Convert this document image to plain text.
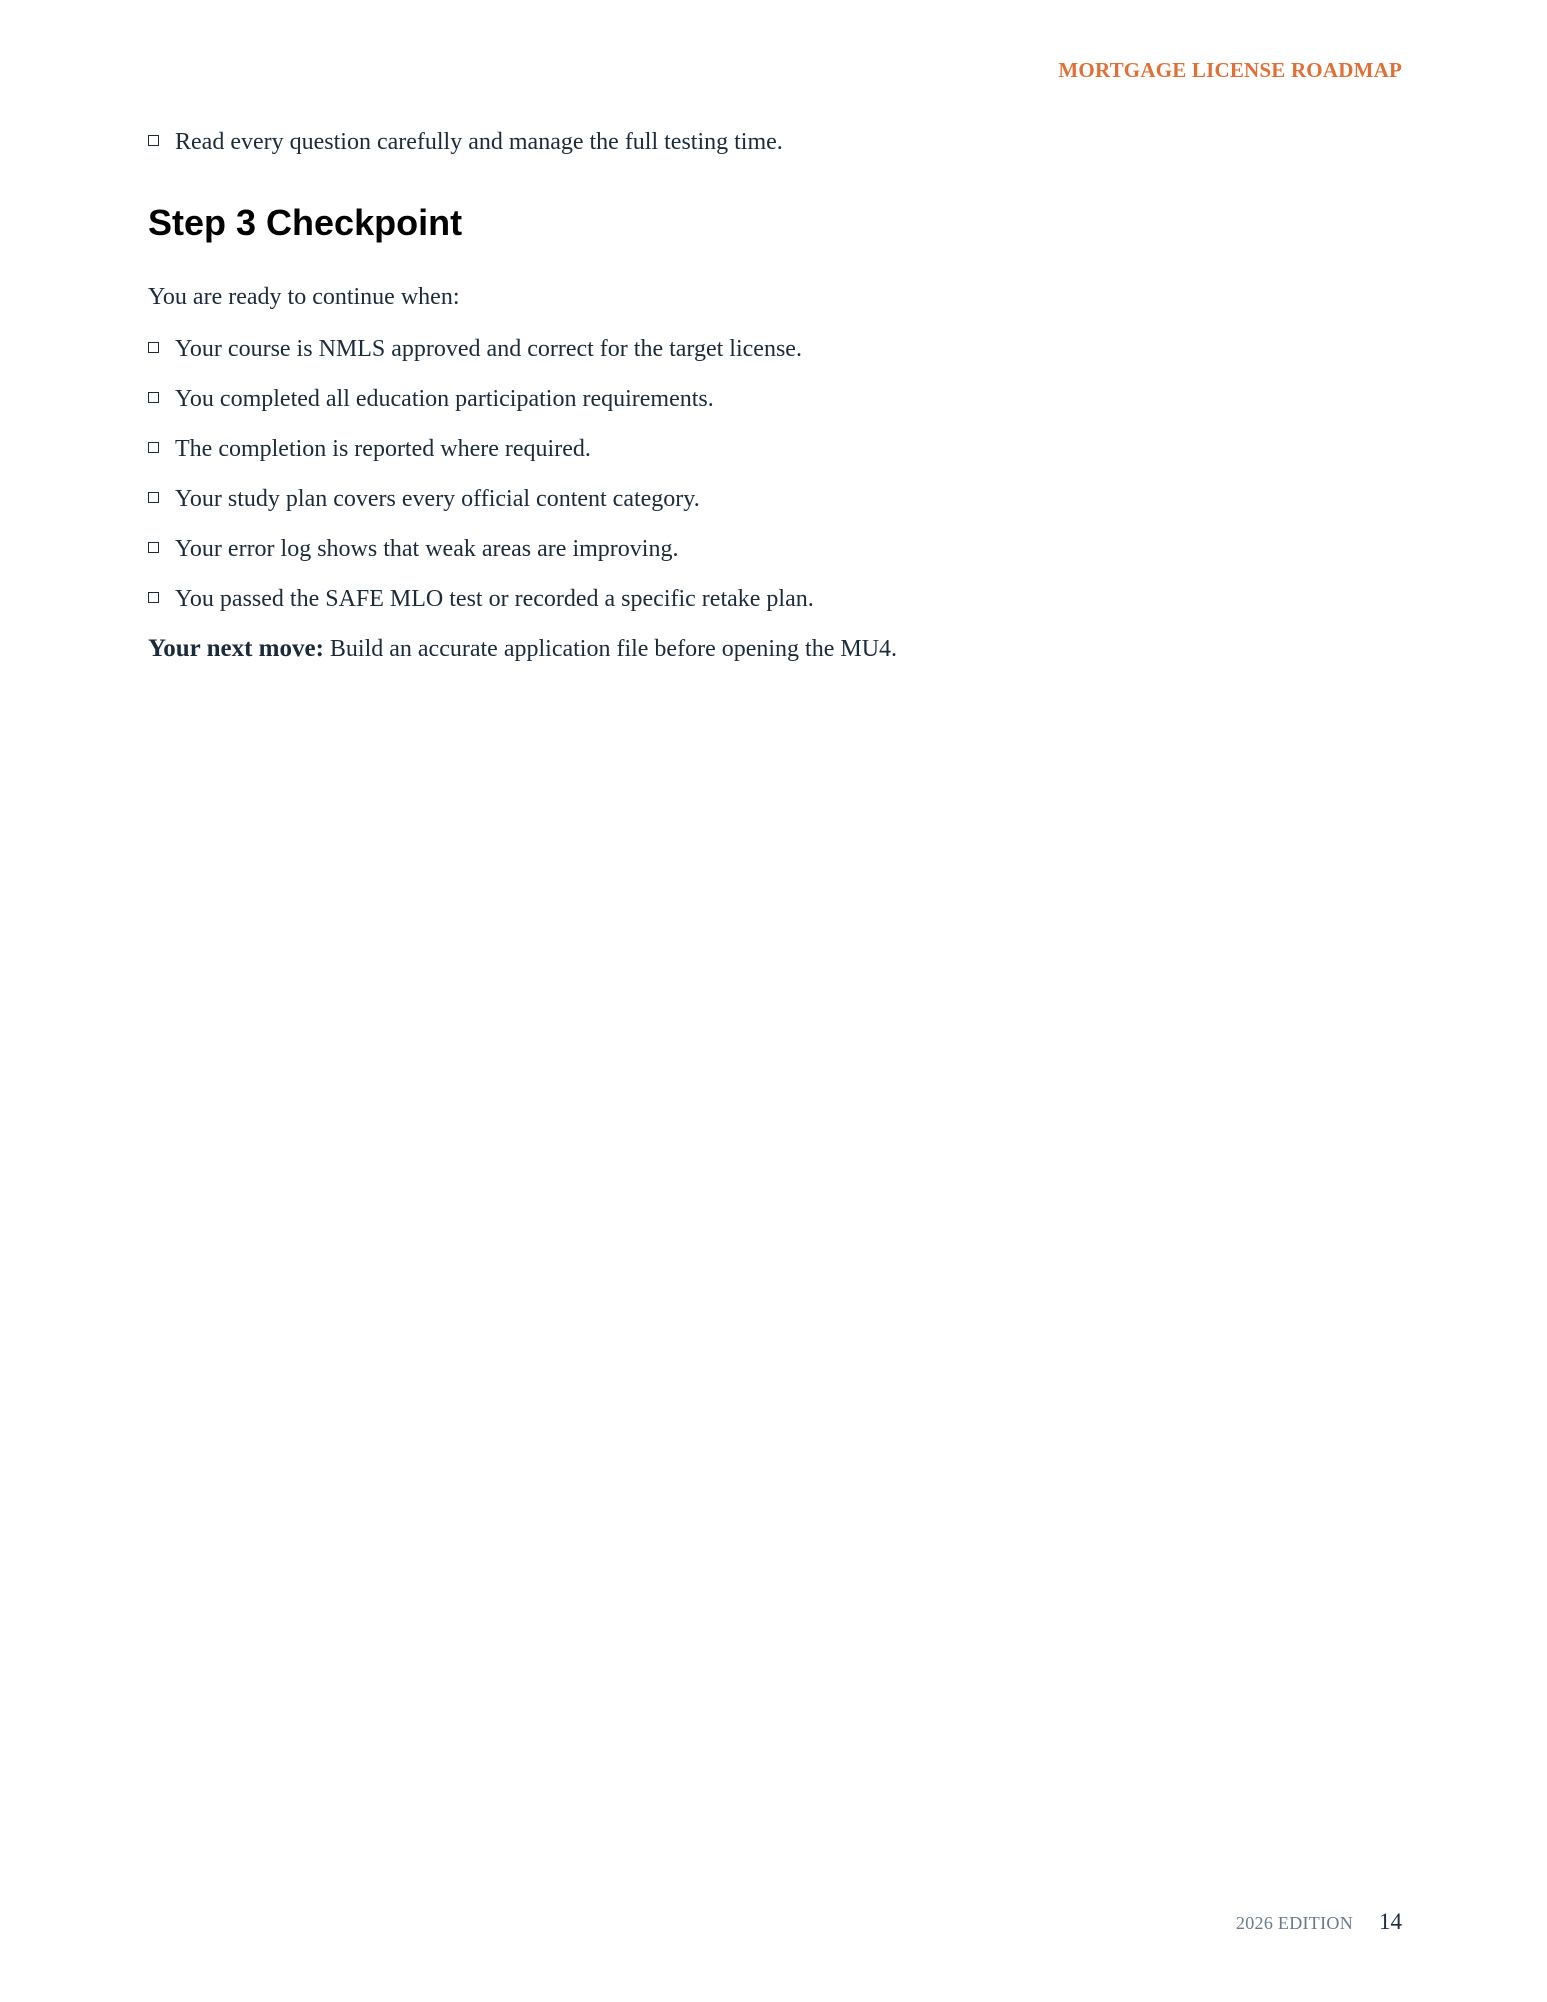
MORTGAGE LICENSE ROADMAP
Read every question carefully and manage the full testing time.
Step 3 Checkpoint

You are ready to continue when:

Your course is NMLS approved and correct for the target license.
You completed all education participation requirements.
The completion is reported where required.
Your study plan covers every official content category.
Your error log shows that weak areas are improving.
You passed the SAFE MLO test or recorded a specific retake plan.

Your next move: Build an accurate application file before opening the MU4.

2026 EDITION 14
